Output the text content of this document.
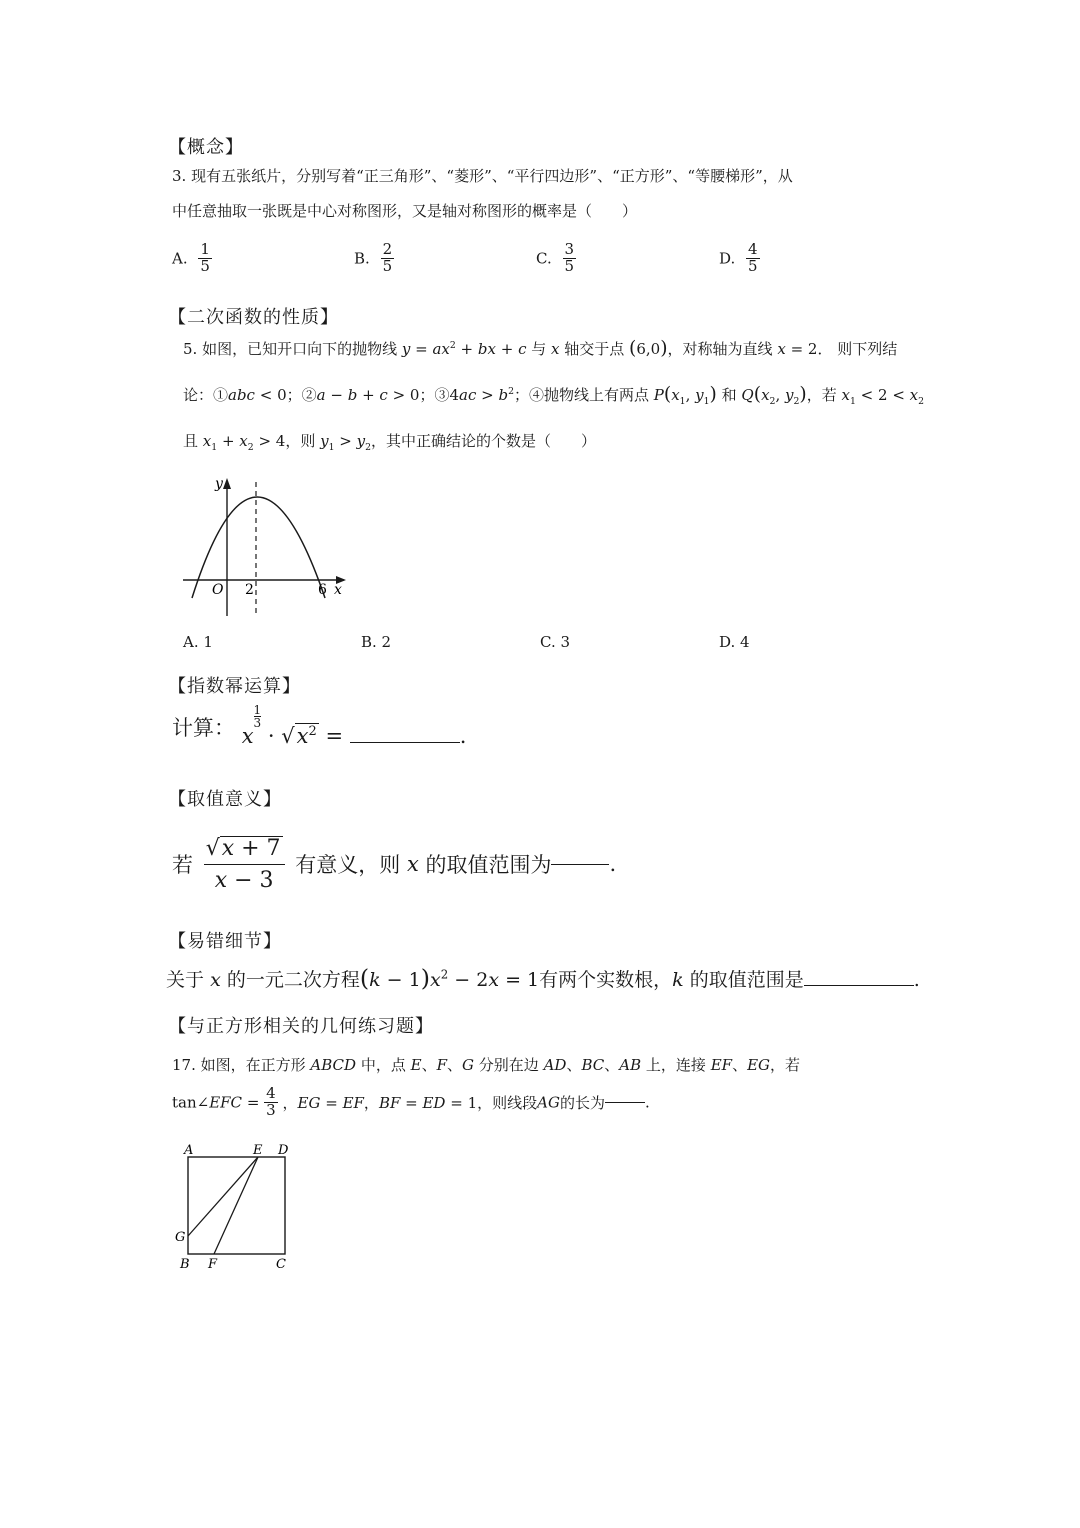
【概念】
3. 现有五张纸片，分别写着“正三角形”、“菱形”、“平行四边形”、“正方形”、“等腰梯形”，从
中任意抽取一张既是中心对称图形，又是轴对称图形的概率是（　　）
A. $\frac{1}{5}$	B. $\frac{2}{5}$	C. $\frac{3}{5}$	D. $\frac{4}{5}$
【二次函数的性质】
5. 如图，已知开口向下的抛物线 $y = ax^2$ + bx + c 与 x 轴交于点 (6,0)，对称轴为直线 x = 2． 则下列结
论：①abc < 0；②a − b + c > 0；③4ac > $b^2$；④抛物线上有两点 $P(x_1$, $y_1$) 和 $Q(x_2$, $y_2$)，若 $x_1 < 2 < x_2$
且 $x_1 + x_2 > 4$，则 $y_1 > y_2$，其中正确结论的个数是（　　）
y
O 2	6 x
A. 1	B. 2	C. 3	D. 4
【指数幂运算】
计算： x
$\frac{1}{3}$
· $√x^2$ =	.
【取值意义】
若 $\frac{√x + 7}{x - 3}$ 有意义，则 x 的取值范围为	.
【易错细节】
关于 x 的一元二次方程$(k - 1)x^2 - 2x = 1$有两个实数根，k 的取值范围是	.
【与正方形相关的几何练习题】
17. 如图，在正方形 ABCD 中，点 E、F、G 分别在边 AD、BC、AB 上，连接 EF、EG，若
tan∠EFC = $\frac{4}{3}$ ，EG = EF，BF = ED = 1，则线段AG的长为	.
A	E D
G
B F	C
